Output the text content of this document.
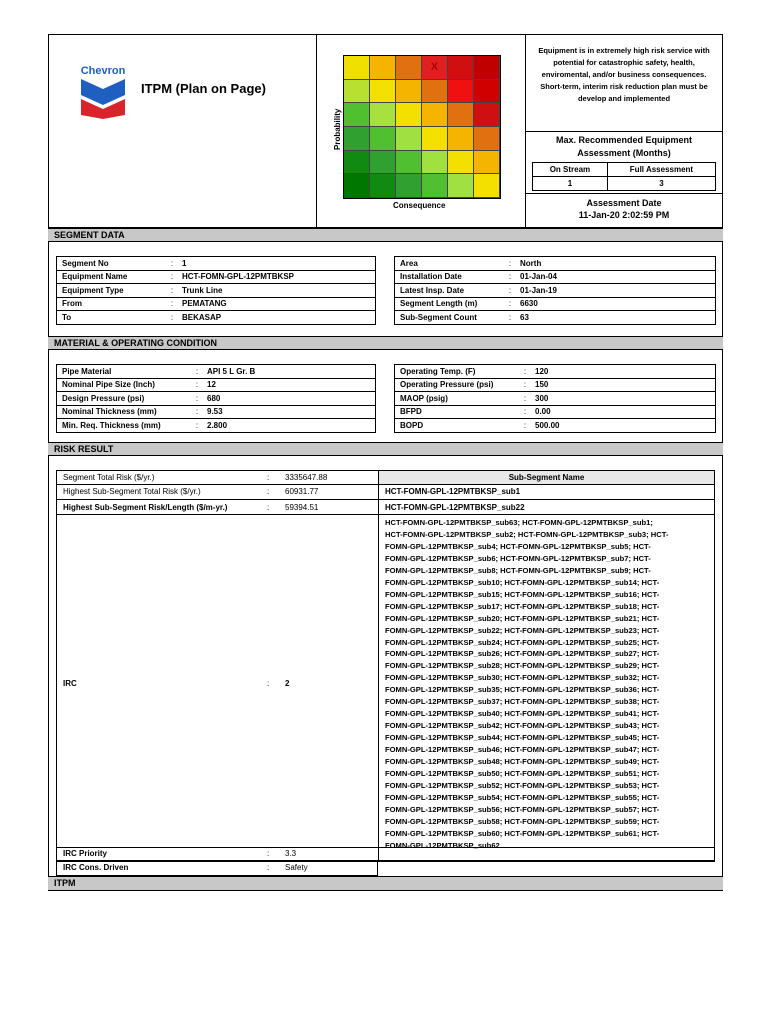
Chevron
ITPM (Plan on Page)
Probability
X
Consequence
Equipment is in extremely high risk service with potential for catastrophic safety, health, enviromental, and/or business consequences. Short-term, interim risk reduction plan must be develop and implemented
Max. Recommended Equipment Assessment (Months)
On Stream	Full Assessment
1	3
Assessment Date
11-Jan-20 2:02:59 PM
SEGMENT DATA
Segment No	:	1
Equipment Name	:	HCT-FOMN-GPL-12PMTBKSP
Equipment Type	:	Trunk Line
From	:	PEMATANG
To	:	BEKASAP
Area	:	North
Installation Date	:	01-Jan-04
Latest Insp. Date	:	01-Jan-19
Segment Length (m)	:	6630
Sub-Segment Count	:	63
MATERIAL & OPERATING CONDITION
Pipe Material	:	API 5 L Gr. B
Nominal Pipe Size (Inch)	:	12
Design Pressure (psi)	:	680
Nominal Thickness (mm)	:	9.53
Min. Req. Thickness (mm)	:	2.800
Operating Temp. (F)	:	120
Operating Pressure (psi)	:	150
MAOP (psig)	:	300
BFPD	:	0.00
BOPD	:	500.00
RISK RESULT
Segment Total Risk ($/yr.)	: 3335647.88	Sub-Segment Name
Highest Sub-Segment Total Risk ($/yr.)	: 60931.77	HCT-FOMN-GPL-12PMTBKSP_sub1
Highest Sub-Segment Risk/Length ($/m-yr.)	: 59394.51	HCT-FOMN-GPL-12PMTBKSP_sub22
IRC	: 2
HCT-FOMN-GPL-12PMTBKSP_sub63; HCT-FOMN-GPL-12PMTBKSP_sub1;
HCT-FOMN-GPL-12PMTBKSP_sub2; HCT-FOMN-GPL-12PMTBKSP_sub3; HCT-
FOMN-GPL-12PMTBKSP_sub4; HCT-FOMN-GPL-12PMTBKSP_sub5; HCT-
FOMN-GPL-12PMTBKSP_sub6; HCT-FOMN-GPL-12PMTBKSP_sub7; HCT-
FOMN-GPL-12PMTBKSP_sub8; HCT-FOMN-GPL-12PMTBKSP_sub9; HCT-
FOMN-GPL-12PMTBKSP_sub10; HCT-FOMN-GPL-12PMTBKSP_sub14; HCT-
FOMN-GPL-12PMTBKSP_sub15; HCT-FOMN-GPL-12PMTBKSP_sub16; HCT-
FOMN-GPL-12PMTBKSP_sub17; HCT-FOMN-GPL-12PMTBKSP_sub18; HCT-
FOMN-GPL-12PMTBKSP_sub20; HCT-FOMN-GPL-12PMTBKSP_sub21; HCT-
FOMN-GPL-12PMTBKSP_sub22; HCT-FOMN-GPL-12PMTBKSP_sub23; HCT-
FOMN-GPL-12PMTBKSP_sub24; HCT-FOMN-GPL-12PMTBKSP_sub25; HCT-
FOMN-GPL-12PMTBKSP_sub26; HCT-FOMN-GPL-12PMTBKSP_sub27; HCT-
FOMN-GPL-12PMTBKSP_sub28; HCT-FOMN-GPL-12PMTBKSP_sub29; HCT-
FOMN-GPL-12PMTBKSP_sub30; HCT-FOMN-GPL-12PMTBKSP_sub32; HCT-
FOMN-GPL-12PMTBKSP_sub35; HCT-FOMN-GPL-12PMTBKSP_sub36; HCT-
FOMN-GPL-12PMTBKSP_sub37; HCT-FOMN-GPL-12PMTBKSP_sub38; HCT-
FOMN-GPL-12PMTBKSP_sub40; HCT-FOMN-GPL-12PMTBKSP_sub41; HCT-
FOMN-GPL-12PMTBKSP_sub42; HCT-FOMN-GPL-12PMTBKSP_sub43; HCT-
FOMN-GPL-12PMTBKSP_sub44; HCT-FOMN-GPL-12PMTBKSP_sub45; HCT-
FOMN-GPL-12PMTBKSP_sub46; HCT-FOMN-GPL-12PMTBKSP_sub47; HCT-
FOMN-GPL-12PMTBKSP_sub48; HCT-FOMN-GPL-12PMTBKSP_sub49; HCT-
FOMN-GPL-12PMTBKSP_sub50; HCT-FOMN-GPL-12PMTBKSP_sub51; HCT-
FOMN-GPL-12PMTBKSP_sub52; HCT-FOMN-GPL-12PMTBKSP_sub53; HCT-
FOMN-GPL-12PMTBKSP_sub54; HCT-FOMN-GPL-12PMTBKSP_sub55; HCT-
FOMN-GPL-12PMTBKSP_sub56; HCT-FOMN-GPL-12PMTBKSP_sub57; HCT-
FOMN-GPL-12PMTBKSP_sub58; HCT-FOMN-GPL-12PMTBKSP_sub59; HCT-
FOMN-GPL-12PMTBKSP_sub60; HCT-FOMN-GPL-12PMTBKSP_sub61; HCT-
FOMN-GPL-12PMTBKSP_sub62
IRC Priority	: 3.3
IRC Cons. Driven	: Safety
ITPM
